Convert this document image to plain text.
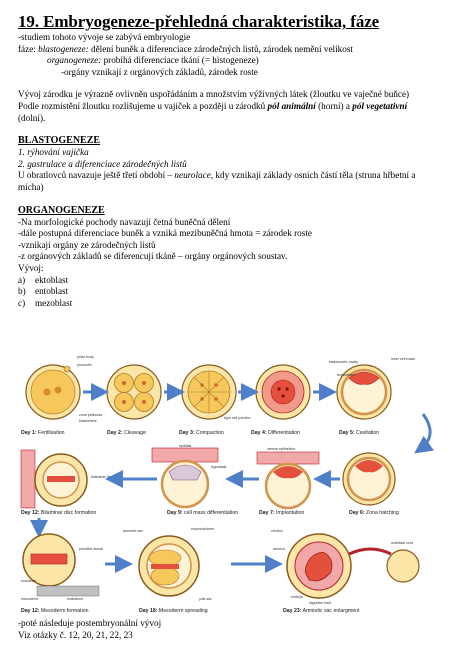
19. Embryogeneze-přehledná charakteristika, fáze
-studiem tohoto vývoje se zabývá embryologie
fáze: blastogeneze: dělení buněk a diferenciace zárodečných listů, zárodek nemění velikost
organogeneze: probíhá diferenciace tkání (= histogeneze)
-orgány vznikají z orgánových základů, zárodek roste
Vývoj zárodku je výrazně ovlivněn uspořádáním a množstvím výživných látek (žloutku ve vaječné buňce)
Podle rozmístění žloutku rozlišujeme u vajíček a později u zárodků pól animální (horní) a pól vegetativní (dolní).
BLASTOGENEZE
1. rýhování vajíčka
2. gastrulace a diferenciace zárodečných listů
U obratlovců navazuje ještě třetí období – neurolace, kdy vznikají základy osních částí těla (struna hřbetní a mícha)
ORGANOGENEZE
-Na morfologické pochody navazují četná buněčná dělení
-dále postupná diferenciace buněk a vzniká mezibuněčná hmota = zárodek roste
-vznikají orgány ze zárodečných listů
-z orgánových základů se diferencují tkáně – orgány orgánových soustav.
Vývoj:
a)	ektoblast
b)	entoblast
c)	mezoblast
polar body
pronuclei
zona pellucida
blastomere
tight cell junction
blastocoelic cavity
trophoblast
inner cell mass
Day 1: Fertilisation	Day 2: Cleavage	Day 3: Compaction	Day 4: Differentiation	Day 5: Cavitation
uterine epithelium
epiblast
hypoblast
bilaminar disc
Day 6: Zona hatching
Day 7: Implantation
Day 9: cell mass differentiation
Day 12: Bilaminar disc formation
primitive streak
ectoderm
mesoderm	endoderm
amniotic sac	trophectoderm
yolk sac
chorion
amnion
embryo
digestive tract
umbilical cord
Day 12: Mesoderm formation	Day 18: Mesoderm spreading	Day 23: Amniotic sac enlargment
-poté následuje postembryonální vývoj
Viz otázky č. 12, 20, 21, 22, 23
